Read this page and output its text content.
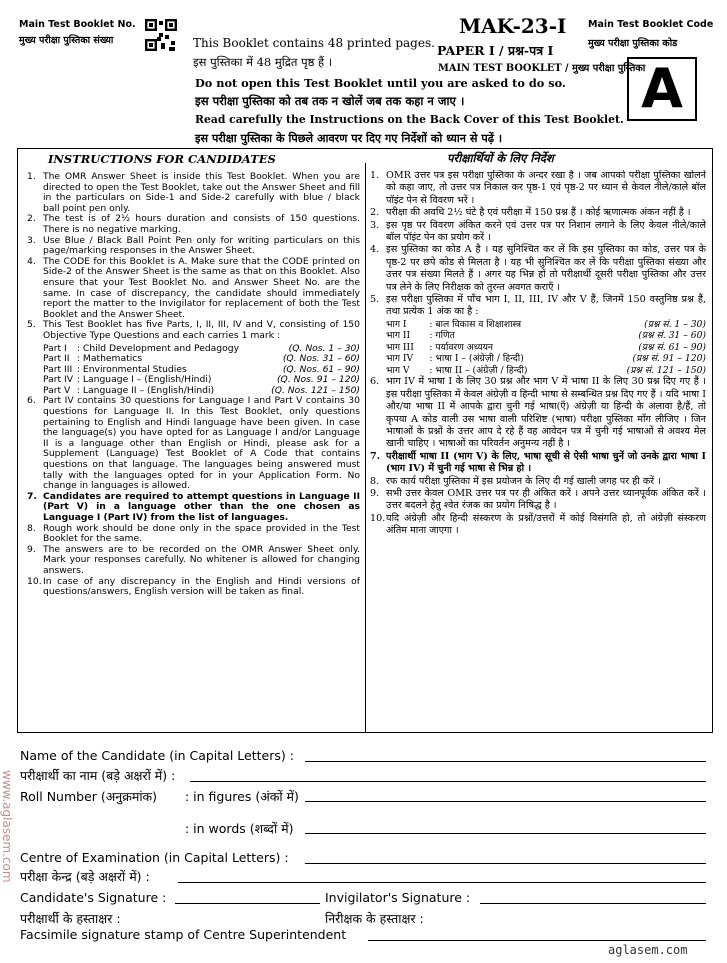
Main Test Booklet No.
मुख्य परीक्षा पुस्तिका संख्या	This Booklet contains 48 printed pages.
इस पुस्तिका में 48 मुद्रित पृष्ठ हैं ।
MAK-23-I
PAPER I / प्रश्न-पत्र I
MAIN TEST BOOKLET / मुख्य परीक्षा पुस्तिका
Main Test Booklet Code
मुख्य परीक्षा पुस्तिका कोड
A
Do not open this Test Booklet until you are asked to do so.
इस परीक्षा पुस्तिका को तब तक न खोलें जब तक कहा न जाए ।
Read carefully the Instructions on the Back Cover of this Test Booklet.
इस परीक्षा पुस्तिका के पिछले आवरण पर दिए गए निर्देशों को ध्यान से पढ़ें ।
INSTRUCTIONS FOR CANDIDATES	परीक्षार्थियों के लिए निर्देश
1. The OMR Answer Sheet is inside this Test Booklet. When you are directed to open the Test Booklet, take out the Answer Sheet and fill in the particulars on Side-1 and Side-2 carefully with blue / black ball point pen only.
2. The test is of 2½ hours duration and consists of 150 questions. There is no negative marking.
3. Use Blue / Black Ball Point Pen only for writing particulars on this page/marking responses in the Answer Sheet.
4. The CODE for this Booklet is A. Make sure that the CODE printed on Side-2 of the Answer Sheet is the same as that on this Booklet. Also ensure that your Test Booklet No. and Answer Sheet No. are the same. In case of discrepancy, the candidate should immediately report the matter to the Invigilator for replacement of both the Test Booklet and the Answer Sheet.
5. This Test Booklet has five Parts, I, II, III, IV and V, consisting of 150 Objective Type Questions and each carries 1 mark :
Part I	: Child Development and Pedagogy	(Q. Nos. 1 – 30)
Part II	: Mathematics	(Q. Nos. 31 – 60)
Part III	: Environmental Studies	(Q. Nos. 61 – 90)
Part IV	: Language I – (English/Hindi)	(Q. Nos. 91 – 120)
Part V	: Language II – (English/Hindi)	(Q. Nos. 121 – 150)
6. Part IV contains 30 questions for Language I and Part V contains 30 questions for Language II. In this Test Booklet, only questions pertaining to English and Hindi language have been given. In case the language(s) you have opted for as Language I and/or Language II is a language other than English or Hindi, please ask for a Supplement (Language) Test Booklet of A Code that contains questions on that language. The languages being answered must tally with the languages opted for in your Application Form. No change in languages is allowed.
7. Candidates are required to attempt questions in Language II (Part V) in a language other than the one chosen as Language I (Part IV) from the list of languages.
8. Rough work should be done only in the space provided in the Test Booklet for the same.
9. The answers are to be recorded on the OMR Answer Sheet only. Mark your responses carefully. No whitener is allowed for changing answers.
10. In case of any discrepancy in the English and Hindi versions of questions/answers, English version will be taken as final.
1. OMR उत्तर पत्र इस परीक्षा पुस्तिका के अन्दर रखा है । जब आपको परीक्षा पुस्तिका खोलने को कहा जाए, तो उत्तर पत्र निकाल कर पृष्ठ-1 एवं पृष्ठ-2 पर ध्यान से केवल नीले/काले बॉल पॉइंट पेन से विवरण भरें ।
2. परीक्षा की अवधि 2½ घंटे है एवं परीक्षा में 150 प्रश्न हैं । कोई ऋणात्मक अंकन नहीं है ।
3. इस पृष्ठ पर विवरण अंकित करने एवं उत्तर पत्र पर निशान लगाने के लिए केवल नीले/काले बॉल पॉइंट पेन का प्रयोग करें ।
4. इस पुस्तिका का कोड A है । यह सुनिश्चित कर लें कि इस पुस्तिका का कोड, उत्तर पत्र के पृष्ठ-2 पर छपे कोड से मिलता है । यह भी सुनिश्चित कर लें कि परीक्षा पुस्तिका संख्या और उत्तर पत्र संख्या मिलते हैं । अगर यह भिन्न हों तो परीक्षार्थी दूसरी परीक्षा पुस्तिका और उत्तर पत्र लेने के लिए निरीक्षक को तुरन्त अवगत कराएँ ।
5. इस परीक्षा पुस्तिका में पाँच भाग I, II, III, IV और V हैं, जिनमें 150 वस्तुनिष्ठ प्रश्न हैं, तथा प्रत्येक 1 अंक का है :
भाग I	: बाल विकास व शिक्षाशास्त्र	(प्रश्न सं. 1 – 30)
भाग II	: गणित	(प्रश्न सं. 31 – 60)
भाग III	: पर्यावरण अध्ययन	(प्रश्न सं. 61 – 90)
भाग IV	: भाषा I – (अंग्रेज़ी / हिन्दी)	(प्रश्न सं. 91 – 120)
भाग V	: भाषा II – (अंग्रेज़ी / हिन्दी)	(प्रश्न सं. 121 – 150)
6. भाग IV में भाषा I के लिए 30 प्रश्न और भाग V में भाषा II के लिए 30 प्रश्न दिए गए हैं । इस परीक्षा पुस्तिका में केवल अंग्रेज़ी व हिन्दी भाषा से सम्बन्धित प्रश्न दिए गए हैं । यदि भाषा I और/या भाषा II में आपके द्वारा चुनी गई भाषा(एँ) अंग्रेज़ी या हिन्दी के अलावा है/हैं, तो कृपया A कोड वाली उस भाषा वाली परिशिष्ट (भाषा) परीक्षा पुस्तिका माँग लीजिए । जिन भाषाओं के प्रश्नों के उत्तर आप दे रहे हैं वह आवेदन पत्र में चुनी गई भाषाओं से अवश्य मेल खानी चाहिए । भाषाओं का परिवर्तन अनुमन्य नहीं है ।
7. परीक्षार्थी भाषा II (भाग V) के लिए, भाषा सूची से ऐसी भाषा चुनें जो उनके द्वारा भाषा I (भाग IV) में चुनी गई भाषा से भिन्न हो ।
8. रफ कार्य परीक्षा पुस्तिका में इस प्रयोजन के लिए दी गई खाली जगह पर ही करें ।
9. सभी उत्तर केवल OMR उत्तर पत्र पर ही अंकित करें । अपने उत्तर ध्यानपूर्वक अंकित करें । उत्तर बदलने हेतु श्वेत रंजक का प्रयोग निषिद्ध है ।
10. यदि अंग्रेज़ी और हिन्दी संस्करण के प्रश्नों/उत्तरों में कोई विसंगति हो, तो अंग्रेज़ी संस्करण अंतिम माना जाएगा ।
Name of the Candidate (in Capital Letters) :
परीक्षार्थी का नाम (बड़े अक्षरों में) :
Roll Number (अनुक्रमांक) : in figures (अंकों में)
: in words (शब्दों में)
Centre of Examination (in Capital Letters) :
परीक्षा केन्द्र (बड़े अक्षरों में) :
Candidate's Signature :	Invigilator's Signature :
परीक्षार्थी के हस्ताक्षर :	निरीक्षक के हस्ताक्षर :
Facsimile signature stamp of Centre Superintendent
www.aglasem.com
aglasem.com
